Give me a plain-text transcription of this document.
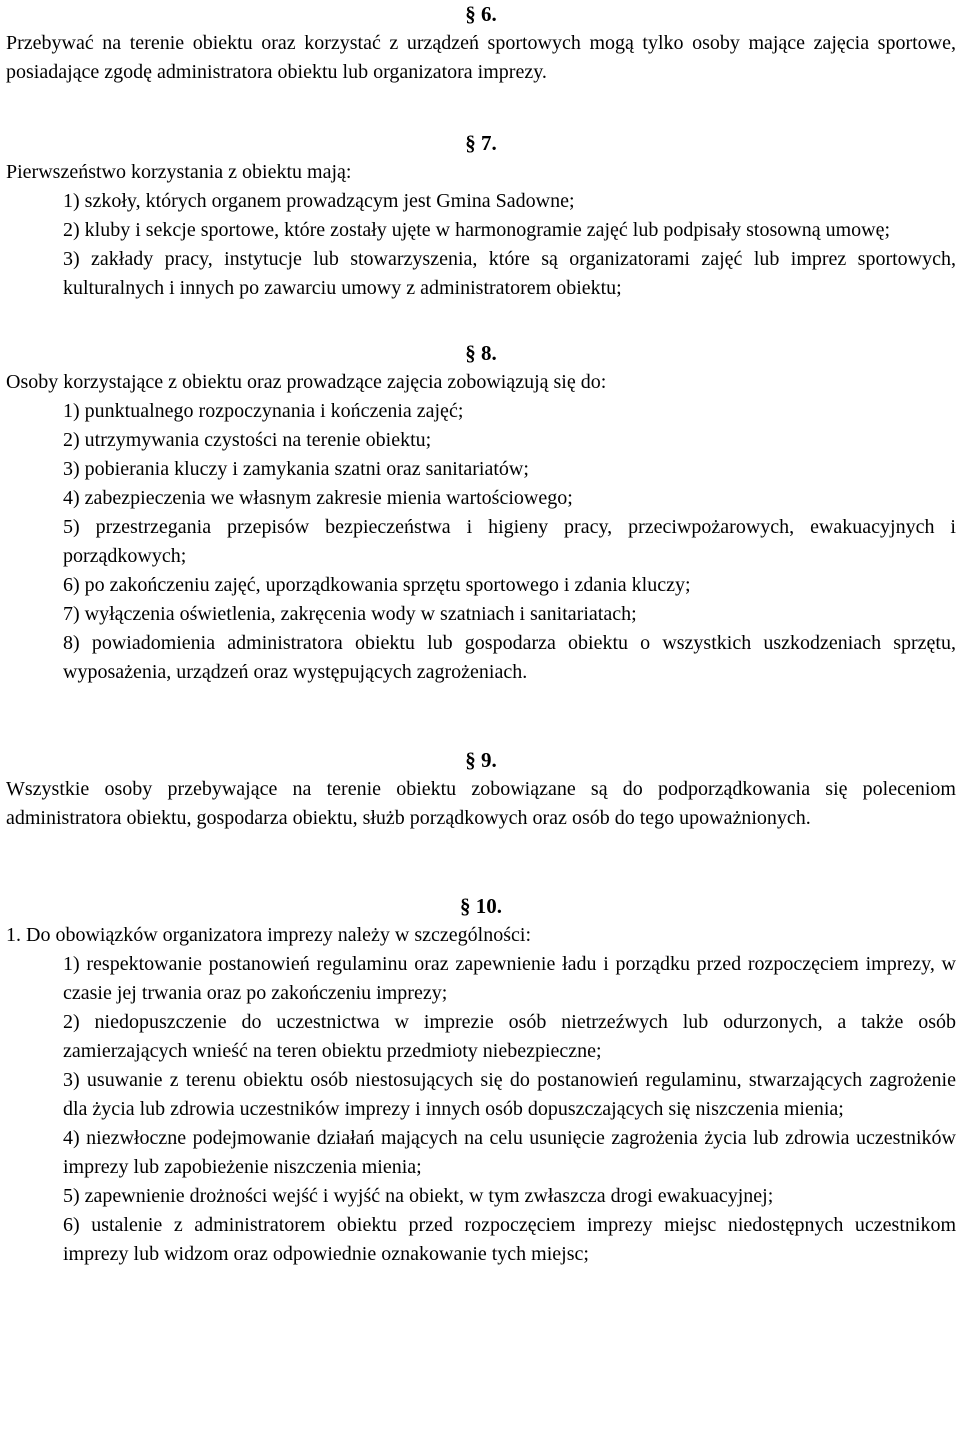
§ 6.

Przebywać na terenie obiektu oraz korzystać z urządzeń sportowych mogą tylko osoby mające zajęcia sportowe, posiadające zgodę administratora obiektu lub organizatora imprezy.

§ 7.

Pierwszeństwo korzystania z obiektu mają:

1) szkoły, których organem prowadzącym jest Gmina Sadowne;

2) kluby i sekcje sportowe, które zostały ujęte w harmonogramie zajęć lub podpisały stosowną umowę;

3) zakłady pracy, instytucje lub stowarzyszenia, które są organizatorami zajęć lub imprez sportowych, kulturalnych i innych po zawarciu umowy z administratorem obiektu;

§ 8.

Osoby korzystające z obiektu oraz prowadzące zajęcia zobowiązują się do:

1) punktualnego rozpoczynania i kończenia zajęć;

2) utrzymywania czystości na terenie obiektu;

3) pobierania kluczy i zamykania szatni oraz sanitariatów;

4) zabezpieczenia we własnym zakresie mienia wartościowego;

5) przestrzegania przepisów bezpieczeństwa i higieny pracy, przeciwpożarowych, ewakuacyjnych i porządkowych;

6) po zakończeniu zajęć, uporządkowania sprzętu sportowego i zdania kluczy;

7) wyłączenia oświetlenia, zakręcenia wody w szatniach i sanitariatach;

8) powiadomienia administratora obiektu lub gospodarza obiektu o wszystkich uszkodzeniach sprzętu, wyposażenia, urządzeń oraz występujących zagrożeniach.

§ 9.

Wszystkie osoby przebywające na terenie obiektu zobowiązane są do podporządkowania się poleceniom administratora obiektu, gospodarza obiektu, służb porządkowych oraz osób do tego upoważnionych.

§ 10.

1. Do obowiązków organizatora imprezy należy w szczególności:

1) respektowanie postanowień regulaminu oraz zapewnienie ładu i porządku przed rozpoczęciem imprezy, w czasie jej trwania oraz po zakończeniu imprezy;

2) niedopuszczenie do uczestnictwa w imprezie osób nietrzeźwych lub odurzonych, a także osób zamierzających wnieść na teren obiektu przedmioty niebezpieczne;

3) usuwanie z terenu obiektu osób niestosujących się do postanowień regulaminu, stwarzających zagrożenie dla życia lub zdrowia uczestników imprezy i innych osób dopuszczających się niszczenia mienia;

4) niezwłoczne podejmowanie działań mających na celu usunięcie zagrożenia życia lub zdrowia uczestników imprezy lub zapobieżenie niszczenia mienia;

5) zapewnienie drożności wejść i wyjść na obiekt, w tym zwłaszcza drogi ewakuacyjnej;

6) ustalenie z administratorem obiektu przed rozpoczęciem imprezy miejsc niedostępnych uczestnikom imprezy lub widzom oraz odpowiednie oznakowanie tych miejsc;
